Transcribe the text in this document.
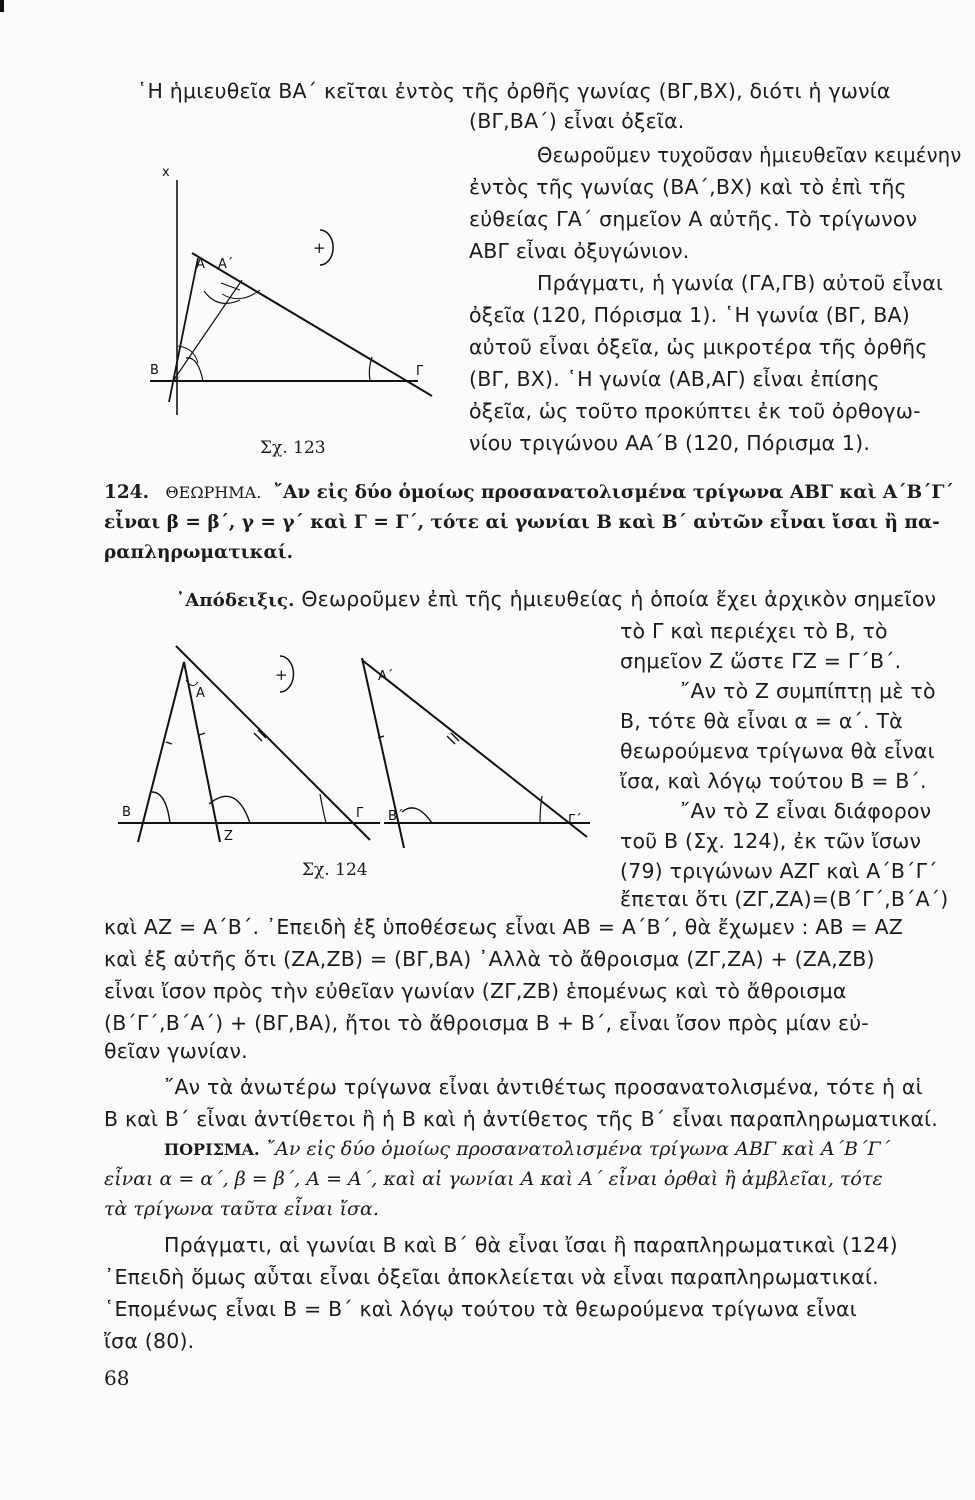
῾Η ἡμιευθεῖα ΒΑ΄ κεῖται ἐντὸς τῆς ὀρθῆς γωνίας (ΒΓ,ΒΧ), διότι ἡ γωνία
(ΒΓ,ΒΑ΄) εἶναι ὀξεῖα.
Θεωροῦμεν τυχοῦσαν ἡμιευθεῖαν κειμένην
ἐντὸς τῆς γωνίας (ΒΑ΄,ΒΧ) καὶ τὸ ἐπὶ τῆς
εὐθείας ΓΑ΄ σημεῖον Α αὐτῆς. Τὸ τρίγωνον
ΑΒΓ εἶναι ὀξυγώνιον.
Πράγματι, ἡ γωνία (ΓΑ,ΓΒ) αὐτοῦ εἶναι
ὀξεῖα (120, Πόρισμα 1). ῾Η γωνία (ΒΓ, ΒΑ)
αὐτοῦ εἶναι ὀξεῖα, ὡς μικροτέρα τῆς ὀρθῆς
(ΒΓ, ΒΧ). ῾Η γωνία (ΑΒ,ΑΓ) εἶναι ἐπίσης
ὀξεῖα, ὡς τοῦτο προκύπτει ἐκ τοῦ ὀρθογω-
νίου τριγώνου ΑΑ΄Β (120, Πόρισμα 1).
x
Α Α΄
Β	Γ
+
Σχ. 123
124. ΘΕΩΡΗΜΑ. ῎Αν εἰς δύο ὁμοίως προσανατολισμένα τρίγωνα ΑΒΓ καὶ Α΄Β΄Γ΄
εἶναι β = β΄, γ = γ΄ καὶ Γ = Γ΄, τότε αἱ γωνίαι Β καὶ Β΄ αὐτῶν εἶναι ἴσαι ἢ πα-
ραπληρωματικαί.
᾿Απόδειξις. Θεωροῦμεν ἐπὶ τῆς ἡμιευθείας ἡ ὁποία ἔχει ἀρχικὸν σημεῖον
τὸ Γ καὶ περιέχει τὸ Β, τὸ
σημεῖον Ζ ὥστε ΓΖ = Γ΄Β΄.
῎Αν τὸ Ζ συμπίπτῃ μὲ τὸ
Β, τότε θὰ εἶναι α = α΄. Τὰ
θεωρούμενα τρίγωνα θὰ εἶναι
ἴσα, καὶ λόγῳ τούτου Β = Β΄.
῎Αν τὸ Ζ εἶναι διάφορον
τοῦ Β (Σχ. 124), ἐκ τῶν ἴσων
(79) τριγώνων ΑΖΓ καὶ Α΄Β΄Γ΄
ἔπεται ὅτι (ΖΓ,ΖΑ)=(Β΄Γ΄,Β΄Α΄)
Α
Β
Ζ
Γ
+	Α΄
Β΄	Γ΄
Σχ. 124
καὶ ΑΖ = Α΄Β΄. ᾿Επειδὴ ἐξ ὑποθέσεως εἶναι ΑΒ = Α΄Β΄, θὰ ἔχωμεν : ΑΒ = ΑΖ
καὶ ἐξ αὐτῆς ὅτι (ΖΑ,ΖΒ) = (ΒΓ,ΒΑ) ᾿Αλλὰ τὸ ἄθροισμα (ΖΓ,ΖΑ) + (ΖΑ,ΖΒ)
εἶναι ἴσον πρὸς τὴν εὐθεῖαν γωνίαν (ΖΓ,ΖΒ) ἑπομένως καὶ τὸ ἄθροισμα
(Β΄Γ΄,Β΄Α΄) + (ΒΓ,ΒΑ), ἤτοι τὸ ἄθροισμα Β + Β΄, εἶναι ἴσον πρὸς μίαν εὐ-
θεῖαν γωνίαν.
῎Αν τὰ ἀνωτέρω τρίγωνα εἶναι ἀντιθέτως προσανατολισμένα, τότε ἡ αἱ
Β καὶ Β΄ εἶναι ἀντίθετοι ἢ ἡ Β καὶ ἡ ἀντίθετος τῆς Β΄ εἶναι παραπληρωματικαί.
ΠΟΡΙΣΜΑ. ῎Αν εἰς δύο ὁμοίως προσανατολισμένα τρίγωνα ΑΒΓ καὶ Α΄Β΄Γ΄
εἶναι α = α΄, β = β΄, Α = Α΄, καὶ αἱ γωνίαι Α καὶ Α΄ εἶναι ὀρθαὶ ἢ ἀμβλεῖαι, τότε
τὰ τρίγωνα ταῦτα εἶναι ἴσα.
Πράγματι, αἱ γωνίαι Β καὶ Β΄ θὰ εἶναι ἴσαι ἢ παραπληρωματικαὶ (124)
᾿Επειδὴ ὅμως αὗται εἶναι ὀξεῖαι ἀποκλείεται νὰ εἶναι παραπληρωματικαί.
῾Επομένως εἶναι Β = Β΄ καὶ λόγῳ τούτου τὰ θεωρούμενα τρίγωνα εἶναι
ἴσα (80).
68
